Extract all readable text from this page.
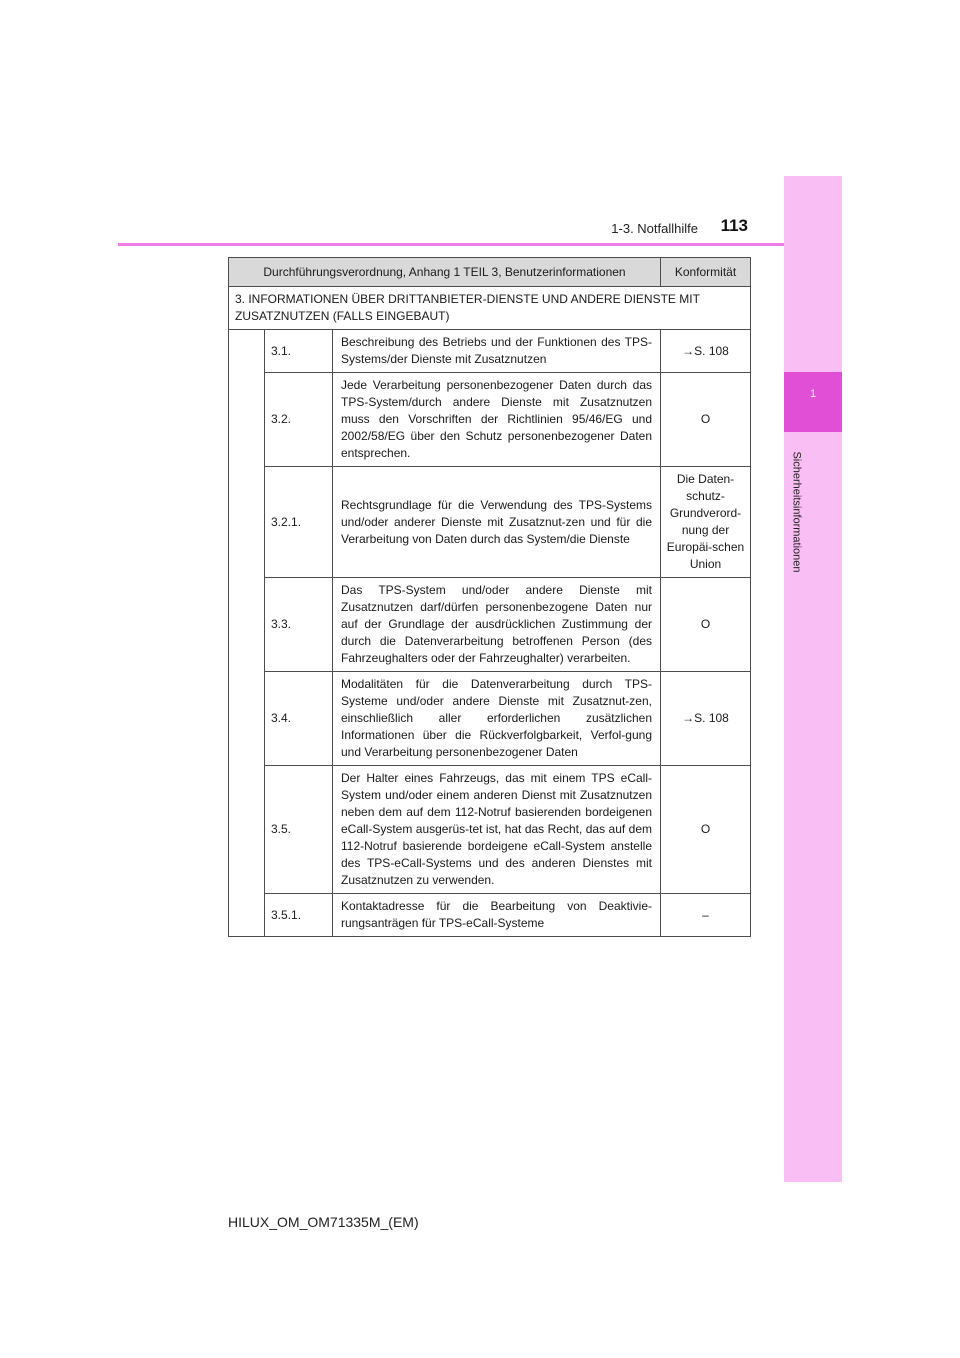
1
Sicherheitsinformationen
1-3. Notfallhilfe	113
Durchführungsverordnung, Anhang 1 TEIL 3, Benutzerinformationen			Konformität
3. INFORMATIONEN ÜBER DRITTANBIETER-DIENSTE UND ANDERE DIENSTE MIT ZUSATZNUTZEN (FALLS EINGEBAUT)			
	3.1.	Beschreibung des Betriebs und der Funktionen des TPS-Systems/der Dienste mit Zusatznutzen	→S. 108
	3.2.	Jede Verarbeitung personenbezogener Daten durch das TPS-System/durch andere Dienste mit Zusatznutzen muss den Vorschriften der Richtlinien 95/46/EG und 2002/58/EG über den Schutz personenbezogener Daten entsprechen.	O
	3.2.1.	Rechtsgrundlage für die Verwendung des TPS-Systems und/oder anderer Dienste mit Zusatznut-zen und für die Verarbeitung von Daten durch das System/die Dienste	Die Daten-schutz-Grundverord-nung der Europäi-schen Union
	3.3.	Das TPS-System und/oder andere Dienste mit Zusatznutzen darf/dürfen personenbezogene Daten nur auf der Grundlage der ausdrücklichen Zustimmung der durch die Datenverarbeitung betroffenen Person (des Fahrzeughalters oder der Fahrzeughalter) verarbeiten.	O
	3.4.	Modalitäten für die Datenverarbeitung durch TPS-Systeme und/oder andere Dienste mit Zusatznut-zen, einschließlich aller erforderlichen zusätzlichen Informationen über die Rückverfolgbarkeit, Verfol-gung und Verarbeitung personenbezogener Daten	→S. 108
	3.5.	Der Halter eines Fahrzeugs, das mit einem TPS eCall-System und/oder einem anderen Dienst mit Zusatznutzen neben dem auf dem 112-Notruf basierenden bordeigenen eCall-System ausgerüs-tet ist, hat das Recht, das auf dem 112-Notruf basierende bordeigene eCall-System anstelle des TPS-eCall-Systems und des anderen Dienstes mit Zusatznutzen zu verwenden.	O
	3.5.1.	Kontaktadresse für die Bearbeitung von Deaktivie-rungsanträgen für TPS-eCall-Systeme	–
HILUX_OM_OM71335M_(EM)
